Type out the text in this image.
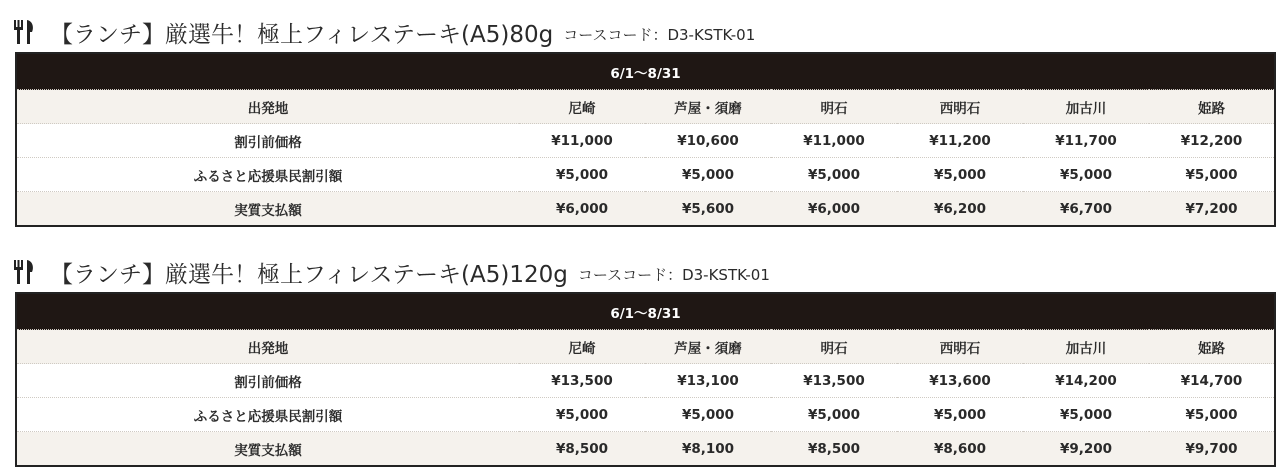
【ランチ】厳選牛！極上フィレステーキ(A5)80g コースコード：D3-KSTK-01
6/1〜8/31						
出発地	尼崎	芦屋・須磨	明石	西明石	加古川	姫路
割引前価格	¥11,000	¥10,600	¥11,000	¥11,200	¥11,700	¥12,200
ふるさと応援県民割引額	¥5,000	¥5,000	¥5,000	¥5,000	¥5,000	¥5,000
実質支払額	¥6,000	¥5,600	¥6,000	¥6,200	¥6,700	¥7,200
【ランチ】厳選牛！極上フィレステーキ(A5)120g コースコード：D3-KSTK-01
6/1〜8/31						
出発地	尼崎	芦屋・須磨	明石	西明石	加古川	姫路
割引前価格	¥13,500	¥13,100	¥13,500	¥13,600	¥14,200	¥14,700
ふるさと応援県民割引額	¥5,000	¥5,000	¥5,000	¥5,000	¥5,000	¥5,000
実質支払額	¥8,500	¥8,100	¥8,500	¥8,600	¥9,200	¥9,700
